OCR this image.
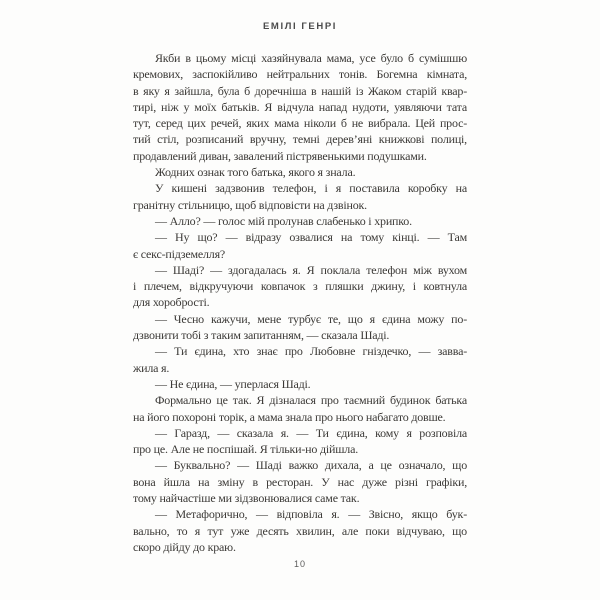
ЕМІЛІ ГЕНРІ
Якби в цьому місці хазяйнувала мама, усе було б сумішшю
кремових, заспокійливо нейтральних тонів. Богемна кімната,
в яку я зайшла, була б доречніша в нашій із Жаком старій квар-
тирі, ніж у моїх батьків. Я відчула напад нудоти, уявляючи тата
тут, серед цих речей, яких мама ніколи б не вибрала. Цей прос-
тий стіл, розписаний вручну, темні дерев’яні книжкові полиці,
продавлений диван, завалений пістрявенькими подушками.
Жодних ознак того батька, якого я знала.
У кишені задзвонив телефон, і я поставила коробку на
гранітну стільницю, щоб відповісти на дзвінок.
— Алло? — голос мій пролунав слабенько і хрипко.
— Ну що? — відразу озвалися на тому кінці. — Там
є секс-підземелля?
— Шаді? — здогадалась я. Я поклала телефон між вухом
і плечем, відкручуючи ковпачок з пляшки джину, і ковтнула
для хоробрості.
— Чесно кажучи, мене турбує те, що я єдина можу по-
дзвонити тобі з таким запитанням, — сказала Шаді.
— Ти єдина, хто знає про Любовне гніздечко, — завва-
жила я.
— Не єдина, — уперлася Шаді.
Формально це так. Я дізналася про таємний будинок батька
на його похороні торік, а мама знала про нього набагато довше.
— Гаразд, — сказала я. — Ти єдина, кому я розповіла
про це. Але не поспішай. Я тільки-но дійшла.
— Буквально? — Шаді важко дихала, а це означало, що
вона йшла на зміну в ресторан. У нас дуже різні графіки,
тому найчастіше ми зідзвонювалися саме так.
— Метафорично, — відповіла я. — Звісно, якщо бук-
вально, то я тут уже десять хвилин, але поки відчуваю, що
скоро дійду до краю.
10
